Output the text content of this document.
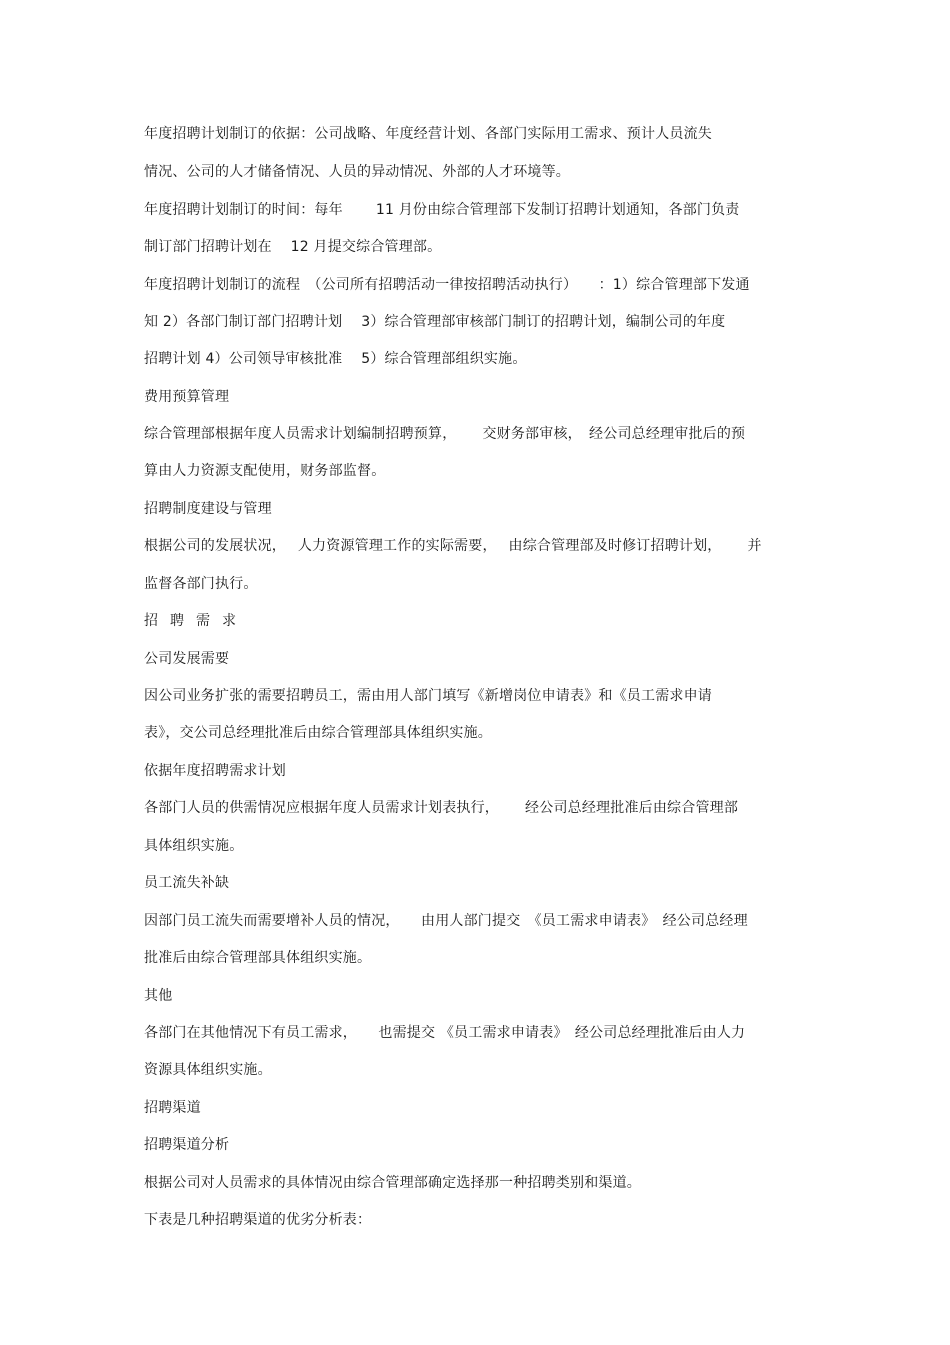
年度招聘计划制订的依据：公司战略、年度经营计划、各部门实际用工需求、预计人员流失
情况、公司的人才储备情况、人员的异动情况、外部的人才环境等。
年度招聘计划制订的时间：每年　　 11 月份由综合管理部下发制订招聘计划通知，各部门负责
制订部门招聘计划在　 12 月提交综合管理部。
年度招聘计划制订的流程　（公司所有招聘活动一律按招聘活动执行）　　：1）综合管理部下发通
知 2）各部门制订部门招聘计划　 3）综合管理部审核部门制订的招聘计划，编制公司的年度
招聘计划 4）公司领导审核批准　 5）综合管理部组织实施。
费用预算管理
综合管理部根据年度人员需求计划编制招聘预算，　　 交财务部审核，　经公司总经理审批后的预
算由人力资源支配使用，财务部监督。
招聘制度建设与管理
根据公司的发展状况，　 人力资源管理工作的实际需要，　 由综合管理部及时修订招聘计划，　　 并
监督各部门执行。
招聘需求
公司发展需要
因公司业务扩张的需要招聘员工，需由用人部门填写《新增岗位申请表》和《员工需求申请
表》，交公司总经理批准后由综合管理部具体组织实施。
依据年度招聘需求计划
各部门人员的供需情况应根据年度人员需求计划表执行，　　 经公司总经理批准后由综合管理部
具体组织实施。
员工流失补缺
因部门员工流失而需要增补人员的情况，　　由用人部门提交　《员工需求申请表》　经公司总经理
批准后由综合管理部具体组织实施。
其他
各部门在其他情况下有员工需求，　　也需提交 《员工需求申请表》　经公司总经理批准后由人力
资源具体组织实施。
招聘渠道
招聘渠道分析
根据公司对人员需求的具体情况由综合管理部确定选择那一种招聘类别和渠道。
下表是几种招聘渠道的优劣分析表：
